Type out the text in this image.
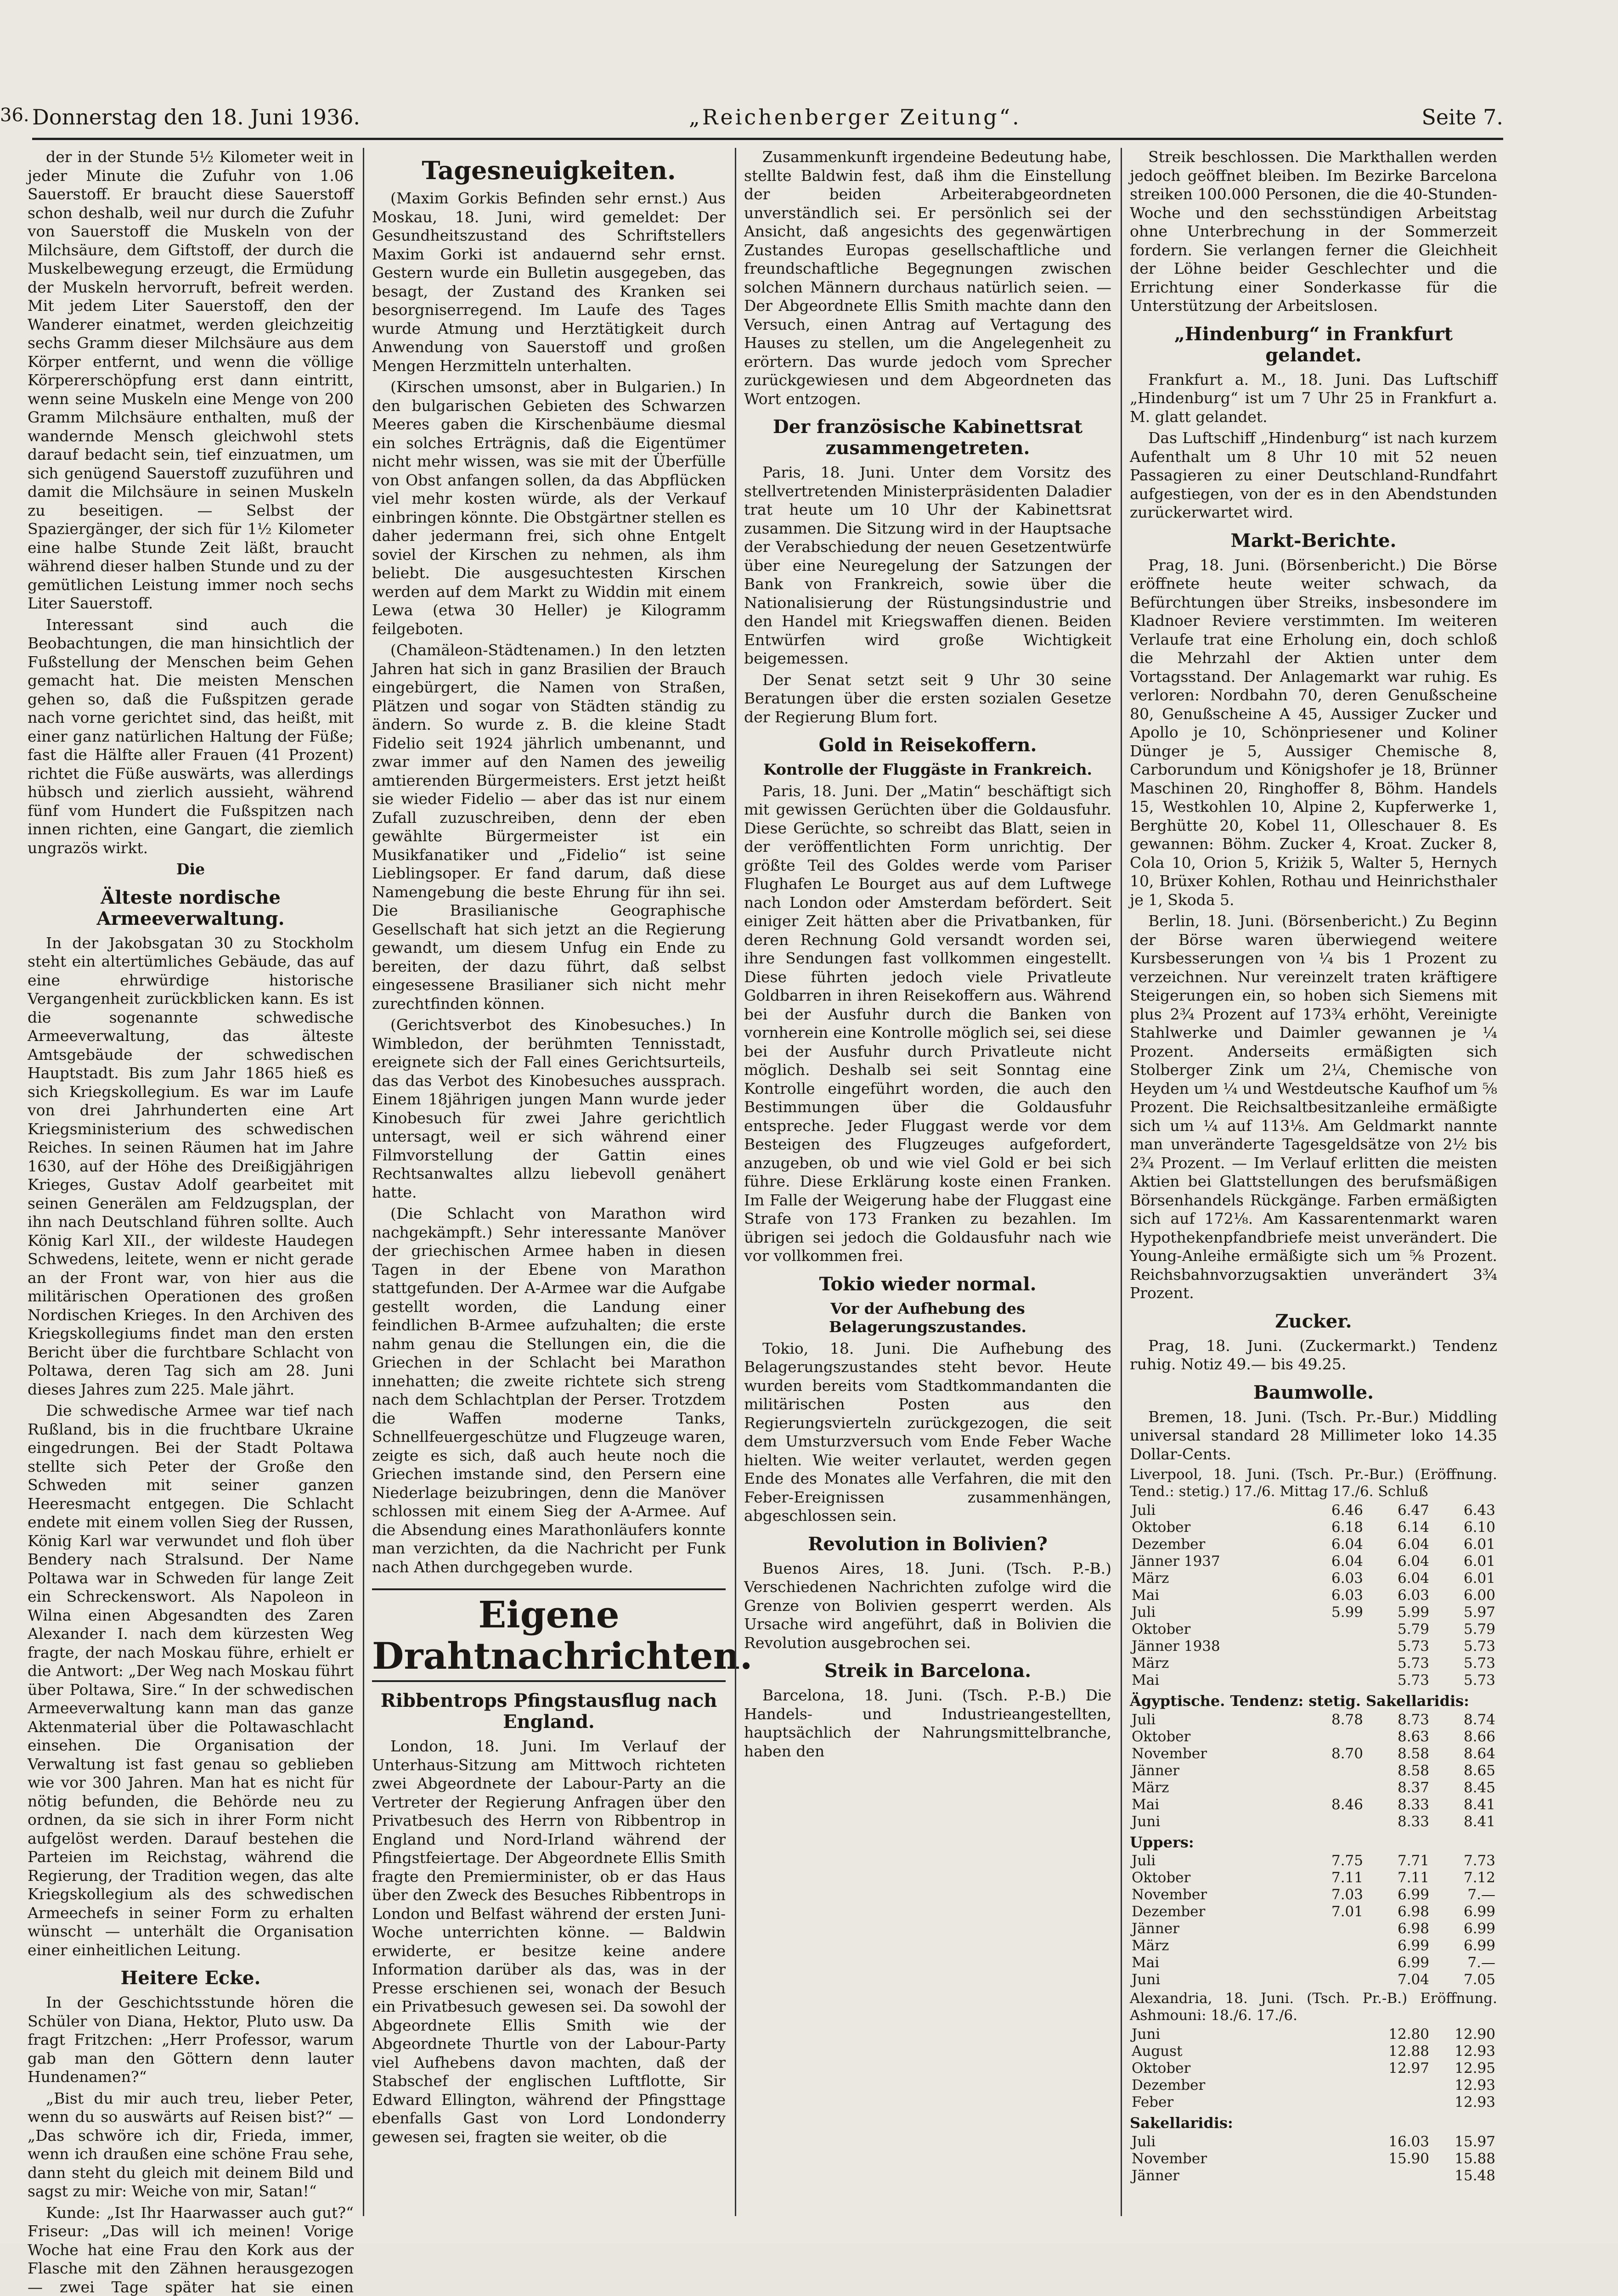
36. Donnerstag den 18. Juni 1936.	„Reichenberger Zeitung“.	Seite 7.

der in der Stunde 5½ Kilometer weit in jeder Minute die Zufuhr von 1.06 Sauerstoff. Er braucht diese Sauerstoff schon deshalb, weil nur durch die Zufuhr von Sauerstoff die Muskeln von der Milchsäure, dem Giftstoff, der durch die Muskelbewegung erzeugt, die Ermüdung der Muskeln hervorruft, befreit werden. Mit jedem Liter Sauerstoff, den der Wanderer einatmet, werden gleichzeitig sechs Gramm dieser Milchsäure aus dem Körper entfernt, und wenn die völlige Körpererschöpfung erst dann eintritt, wenn seine Muskeln eine Menge von 200 Gramm Milchsäure enthalten, muß der wandernde Mensch gleichwohl stets darauf bedacht sein, tief einzuatmen, um sich genügend Sauerstoff zuzuführen und damit die Milchsäure in seinen Muskeln zu beseitigen. — Selbst der Spaziergänger, der sich für 1½ Kilometer eine halbe Stunde Zeit läßt, braucht während dieser halben Stunde und zu der gemütlichen Leistung immer noch sechs Liter Sauerstoff.

Interessant sind auch die Beobachtungen, die man hinsichtlich der Fußstellung der Menschen beim Gehen gemacht hat. Die meisten Menschen gehen so, daß die Fußspitzen gerade nach vorne gerichtet sind, das heißt, mit einer ganz natürlichen Haltung der Füße; fast die Hälfte aller Frauen (41 Prozent) richtet die Füße auswärts, was allerdings hübsch und zierlich aussieht, während fünf vom Hundert die Fußspitzen nach innen richten, eine Gangart, die ziemlich ungrazös wirkt.

Die
Älteste nordische Armeeverwaltung.

In der Jakobsgatan 30 zu Stockholm steht ein altertümliches Gebäude, das auf eine ehrwürdige historische Vergangenheit zurückblicken kann. Es ist die sogenannte schwedische Armeeverwaltung, das älteste Amtsgebäude der schwedischen Hauptstadt. Bis zum Jahr 1865 hieß es sich Kriegskollegium. Es war im Laufe von drei Jahrhunderten eine Art Kriegsministerium des schwedischen Reiches. In seinen Räumen hat im Jahre 1630, auf der Höhe des Dreißigjährigen Krieges, Gustav Adolf gearbeitet mit seinen Generälen am Feldzugsplan, der ihn nach Deutschland führen sollte. Auch König Karl XII., der wildeste Haudegen Schwedens, leitete, wenn er nicht gerade an der Front war, von hier aus die militärischen Operationen des großen Nordischen Krieges. In den Archiven des Kriegskollegiums findet man den ersten Bericht über die furchtbare Schlacht von Poltawa, deren Tag sich am 28. Juni dieses Jahres zum 225. Male jährt.

Die schwedische Armee war tief nach Rußland, bis in die fruchtbare Ukraine eingedrungen. Bei der Stadt Poltawa stellte sich Peter der Große den Schweden mit seiner ganzen Heeresmacht entgegen. Die Schlacht endete mit einem vollen Sieg der Russen, König Karl war verwundet und floh über Bendery nach Stralsund. Der Name Poltawa war in Schweden für lange Zeit ein Schreckenswort. Als Napoleon in Wilna einen Abgesandten des Zaren Alexander I. nach dem kürzesten Weg fragte, der nach Moskau führe, erhielt er die Antwort: „Der Weg nach Moskau führt über Poltawa, Sire.“ In der schwedischen Armeeverwaltung kann man das ganze Aktenmaterial über die Poltawaschlacht einsehen. Die Organisation der Verwaltung ist fast genau so geblieben wie vor 300 Jahren. Man hat es nicht für nötig befunden, die Behörde neu zu ordnen, da sie sich in ihrer Form nicht aufgelöst werden. Darauf bestehen die Parteien im Reichstag, während die Regierung, der Tradition wegen, das alte Kriegskollegium als des schwedischen Armeechefs in seiner Form zu erhalten wünscht — unterhält die Organisation einer einheitlichen Leitung.

Heitere Ecke.

In der Geschichtsstunde hören die Schüler von Diana, Hektor, Pluto usw. Da fragt Fritzchen: „Herr Professor, warum gab man den Göttern denn lauter Hundenamen?“

„Bist du mir auch treu, lieber Peter, wenn du so auswärts auf Reisen bist?“ — „Das schwöre ich dir, Frieda, immer, wenn ich draußen eine schöne Frau sehe, dann steht du gleich mit deinem Bild und sagst zu mir: Weiche von mir, Satan!“

Kunde: „Ist Ihr Haarwasser auch gut?“ Friseur: „Das will ich meinen! Vorige Woche hat eine Frau den Kork aus der Flasche mit den Zähnen herausgezogen — zwei Tage später hat sie einen

Tagesneuigkeiten.

(Maxim Gorkis Befinden sehr ernst.) Aus Moskau, 18. Juni, wird gemeldet: Der Gesundheitszustand des Schriftstellers Maxim Gorki ist andauernd sehr ernst. Gestern wurde ein Bulletin ausgegeben, das besagt, der Zustand des Kranken sei besorgniserregend. Im Laufe des Tages wurde Atmung und Herztätigkeit durch Anwendung von Sauerstoff und großen Mengen Herzmitteln unterhalten.

(Kirschen umsonst, aber in Bulgarien.) In den bulgarischen Gebieten des Schwarzen Meeres gaben die Kirschenbäume diesmal ein solches Erträgnis, daß die Eigentümer nicht mehr wissen, was sie mit der Überfülle von Obst anfangen sollen, da das Abpflücken viel mehr kosten würde, als der Verkauf einbringen könnte. Die Obstgärtner stellen es daher jedermann frei, sich ohne Entgelt soviel der Kirschen zu nehmen, als ihm beliebt. Die ausgesuchtesten Kirschen werden auf dem Markt zu Widdin mit einem Lewa (etwa 30 Heller) je Kilogramm feilgeboten.

(Chamäleon-Städtenamen.) In den letzten Jahren hat sich in ganz Brasilien der Brauch eingebürgert, die Namen von Straßen, Plätzen und sogar von Städten ständig zu ändern. So wurde z. B. die kleine Stadt Fidelio seit 1924 jährlich umbenannt, und zwar immer auf den Namen des jeweilig amtierenden Bürgermeisters. Erst jetzt heißt sie wieder Fidelio — aber das ist nur einem Zufall zuzuschreiben, denn der eben gewählte Bürgermeister ist ein Musikfanatiker und „Fidelio“ ist seine Lieblingsoper. Er fand darum, daß diese Namengebung die beste Ehrung für ihn sei. Die Brasilianische Geographische Gesellschaft hat sich jetzt an die Regierung gewandt, um diesem Unfug ein Ende zu bereiten, der dazu führt, daß selbst eingesessene Brasilianer sich nicht mehr zurechtfinden können.

(Gerichtsverbot des Kinobesuches.) In Wimbledon, der berühmten Tennisstadt, ereignete sich der Fall eines Gerichtsurteils, das das Verbot des Kinobesuches aussprach. Einem 18jährigen jungen Mann wurde jeder Kinobesuch für zwei Jahre gerichtlich untersagt, weil er sich während einer Filmvorstellung der Gattin eines Rechtsanwaltes allzu liebevoll genähert hatte.

(Die Schlacht von Marathon wird nachgekämpft.) Sehr interessante Manöver der griechischen Armee haben in diesen Tagen in der Ebene von Marathon stattgefunden. Der A-Armee war die Aufgabe gestellt worden, die Landung einer feindlichen B-Armee aufzuhalten; die erste nahm genau die Stellungen ein, die die Griechen in der Schlacht bei Marathon innehatten; die zweite richtete sich streng nach dem Schlachtplan der Perser. Trotzdem die Waffen moderne Tanks, Schnellfeuergeschütze und Flugzeuge waren, zeigte es sich, daß auch heute noch die Griechen imstande sind, den Persern eine Niederlage beizubringen, denn die Manöver schlossen mit einem Sieg der A-Armee. Auf die Absendung eines Marathonläufers konnte man verzichten, da die Nachricht per Funk nach Athen durchgegeben wurde.

Eigene Drahtnachrichten.
Ribbentrops Pfingstausflug nach England.

London, 18. Juni. Im Verlauf der Unterhaus-Sitzung am Mittwoch richteten zwei Abgeordnete der Labour-Party an die Vertreter der Regierung Anfragen über den Privatbesuch des Herrn von Ribbentrop in England und Nord-Irland während der Pfingstfeiertage. Der Abgeordnete Ellis Smith fragte den Premierminister, ob er das Haus über den Zweck des Besuches Ribbentrops in London und Belfast während der ersten Juni-Woche unterrichten könne. — Baldwin erwiderte, er besitze keine andere Information darüber als das, was in der Presse erschienen sei, wonach der Besuch ein Privatbesuch gewesen sei. Da sowohl der Abgeordnete Ellis Smith wie der Abgeordnete Thurtle von der Labour-Party viel Aufhebens davon machten, daß der Stabschef der englischen Luftflotte, Sir Edward Ellington, während der Pfingsttage ebenfalls Gast von Lord Londonderry gewesen sei, fragten sie weiter, ob die

Zusammenkunft irgendeine Bedeutung habe, stellte Baldwin fest, daß ihm die Einstellung der beiden Arbeiterabgeordneten unverständlich sei. Er persönlich sei der Ansicht, daß angesichts des gegenwärtigen Zustandes Europas gesellschaftliche und freundschaftliche Begegnungen zwischen solchen Männern durchaus natürlich seien. — Der Abgeordnete Ellis Smith machte dann den Versuch, einen Antrag auf Vertagung des Hauses zu stellen, um die Angelegenheit zu erörtern. Das wurde jedoch vom Sprecher zurückgewiesen und dem Abgeordneten das Wort entzogen.

Der französische Kabinettsrat zusammengetreten.

Paris, 18. Juni. Unter dem Vorsitz des stellvertretenden Ministerpräsidenten Daladier trat heute um 10 Uhr der Kabinettsrat zusammen. Die Sitzung wird in der Hauptsache der Verabschiedung der neuen Gesetzentwürfe über eine Neuregelung der Satzungen der Bank von Frankreich, sowie über die Nationalisierung der Rüstungsindustrie und den Handel mit Kriegswaffen dienen. Beiden Entwürfen wird große Wichtigkeit beigemessen.

Der Senat setzt seit 9 Uhr 30 seine Beratungen über die ersten sozialen Gesetze der Regierung Blum fort.

Gold in Reisekoffern.
Kontrolle der Fluggäste in Frankreich.

Paris, 18. Juni. Der „Matin“ beschäftigt sich mit gewissen Gerüchten über die Goldausfuhr. Diese Gerüchte, so schreibt das Blatt, seien in der veröffentlichten Form unrichtig. Der größte Teil des Goldes werde vom Pariser Flughafen Le Bourget aus auf dem Luftwege nach London oder Amsterdam befördert. Seit einiger Zeit hätten aber die Privatbanken, für deren Rechnung Gold versandt worden sei, ihre Sendungen fast vollkommen eingestellt. Diese führten jedoch viele Privatleute Goldbarren in ihren Reisekoffern aus. Während bei der Ausfuhr durch die Banken von vornherein eine Kontrolle möglich sei, sei diese bei der Ausfuhr durch Privatleute nicht möglich. Deshalb sei seit Sonntag eine Kontrolle eingeführt worden, die auch den Bestimmungen über die Goldausfuhr entspreche. Jeder Fluggast werde vor dem Besteigen des Flugzeuges aufgefordert, anzugeben, ob und wie viel Gold er bei sich führe. Diese Erklärung koste einen Franken. Im Falle der Weigerung habe der Fluggast eine Strafe von 173 Franken zu bezahlen. Im übrigen sei jedoch die Goldausfuhr nach wie vor vollkommen frei.

Tokio wieder normal.
Vor der Aufhebung des Belagerungszustandes.

Tokio, 18. Juni. Die Aufhebung des Belagerungszustandes steht bevor. Heute wurden bereits vom Stadtkommandanten die militärischen Posten aus den Regierungsvierteln zurückgezogen, die seit dem Umsturzversuch vom Ende Feber Wache hielten. Wie weiter verlautet, werden gegen Ende des Monates alle Verfahren, die mit den Feber-Ereignissen zusammenhängen, abgeschlossen sein.

Revolution in Bolivien?

Buenos Aires, 18. Juni. (Tsch. P.-B.) Verschiedenen Nachrichten zufolge wird die Grenze von Bolivien gesperrt werden. Als Ursache wird angeführt, daß in Bolivien die Revolution ausgebrochen sei.

Streik in Barcelona.

Barcelona, 18. Juni. (Tsch. P.-B.) Die Handels- und Industrieangestellten, hauptsächlich der Nahrungsmittelbranche, haben den

Streik beschlossen. Die Markthallen werden jedoch geöffnet bleiben. Im Bezirke Barcelona streiken 100.000 Personen, die die 40-Stunden-Woche und den sechsstündigen Arbeitstag ohne Unterbrechung in der Sommerzeit fordern. Sie verlangen ferner die Gleichheit der Löhne beider Geschlechter und die Errichtung einer Sonderkasse für die Unterstützung der Arbeitslosen.

„Hindenburg“ in Frankfurt gelandet.

Frankfurt a. M., 18. Juni. Das Luftschiff „Hindenburg“ ist um 7 Uhr 25 in Frankfurt a. M. glatt gelandet.

Das Luftschiff „Hindenburg“ ist nach kurzem Aufenthalt um 8 Uhr 10 mit 52 neuen Passagieren zu einer Deutschland-Rundfahrt aufgestiegen, von der es in den Abendstunden zurückerwartet wird.

Markt-Berichte.

Prag, 18. Juni. (Börsenbericht.) Die Börse eröffnete heute weiter schwach, da Befürchtungen über Streiks, insbesondere im Kladnoer Reviere verstimmten. Im weiteren Verlaufe trat eine Erholung ein, doch schloß die Mehrzahl der Aktien unter dem Vortagsstand. Der Anlagemarkt war ruhig. Es verloren: Nordbahn 70, deren Genußscheine 80, Genußscheine A 45, Aussiger Zucker und Apollo je 10, Schönpriesener und Koliner Dünger je 5, Aussiger Chemische 8, Carborundum und Königshofer je 18, Brünner Maschinen 20, Ringhoffer 8, Böhm. Handels 15, Westkohlen 10, Alpine 2, Kupferwerke 1, Berghütte 20, Kobel 11, Olleschauer 8. Es gewannen: Böhm. Zucker 4, Kroat. Zucker 8, Cola 10, Orion 5, Kriżik 5, Walter 5, Hernych 10, Brüxer Kohlen, Rothau und Heinrichsthaler je 1, Skoda 5.

Berlin, 18. Juni. (Börsenbericht.) Zu Beginn der Börse waren überwiegend weitere Kursbesserungen von ¼ bis 1 Prozent zu verzeichnen. Nur vereinzelt traten kräftigere Steigerungen ein, so hoben sich Siemens mit plus 2¾ Prozent auf 173¾ erhöht, Vereinigte Stahlwerke und Daimler gewannen je ¼ Prozent. Anderseits ermäßigten sich Stolberger Zink um 2¼, Chemische von Heyden um ¼ und Westdeutsche Kaufhof um ⅝ Prozent. Die Reichsaltbesitzanleihe ermäßigte sich um ¼ auf 113⅛. Am Geldmarkt nannte man unveränderte Tagesgeldsätze von 2½ bis 2¾ Prozent. — Im Verlauf erlitten die meisten Aktien bei Glattstellungen des berufsmäßigen Börsenhandels Rückgänge. Farben ermäßigten sich auf 172⅛. Am Kassarentenmarkt waren Hypothekenpfandbriefe meist unverändert. Die Young-Anleihe ermäßigte sich um ⅝ Prozent. Reichsbahnvorzugsaktien unverändert 3¾ Prozent.

Zucker.

Prag, 18. Juni. (Zuckermarkt.) Tendenz ruhig. Notiz 49.— bis 49.25.

Baumwolle.

Bremen, 18. Juni. (Tsch. Pr.-Bur.) Middling universal standard 28 Millimeter loko 14.35 Dollar-Cents.

Liverpool, 18. Juni. (Tsch. Pr.-Bur.) (Eröffnung. Tend.: stetig.) 17./6. Mittag 17./6. Schluß
Juli	6.46	6.47	6.43
Oktober	6.18	6.14	6.10
Dezember	6.04	6.04	6.01
Jänner 1937	6.04	6.04	6.01
März	6.03	6.04	6.01
Mai	6.03	6.03	6.00
Juli	5.99	5.99	5.97
Oktober		5.79	5.79
Jänner 1938		5.73	5.73
März		5.73	5.73
Mai		5.73	5.73
Ägyptische. Tendenz: stetig. Sakellaridis:
Juli	8.78	8.73	8.74
Oktober		8.63	8.66
November	8.70	8.58	8.64
Jänner		8.58	8.65
März		8.37	8.45
Mai	8.46	8.33	8.41
Juni		8.33	8.41
Uppers:
Juli	7.75	7.71	7.73
Oktober	7.11	7.11	7.12
November	7.03	6.99	7.—
Dezember	7.01	6.98	6.99
Jänner		6.98	6.99
März		6.99	6.99
Mai		6.99	7.—
Juni		7.04	7.05
Alexandria, 18. Juni. (Tsch. Pr.-B.) Eröffnung. Ashmouni: 18./6. 17./6.
Juni	12.80	12.90
August	12.88	12.93
Oktober	12.97	12.95
Dezember		12.93
Feber		12.93
Sakellaridis:
Juli	16.03	15.97
November	15.90	15.88
Jänner		15.48
